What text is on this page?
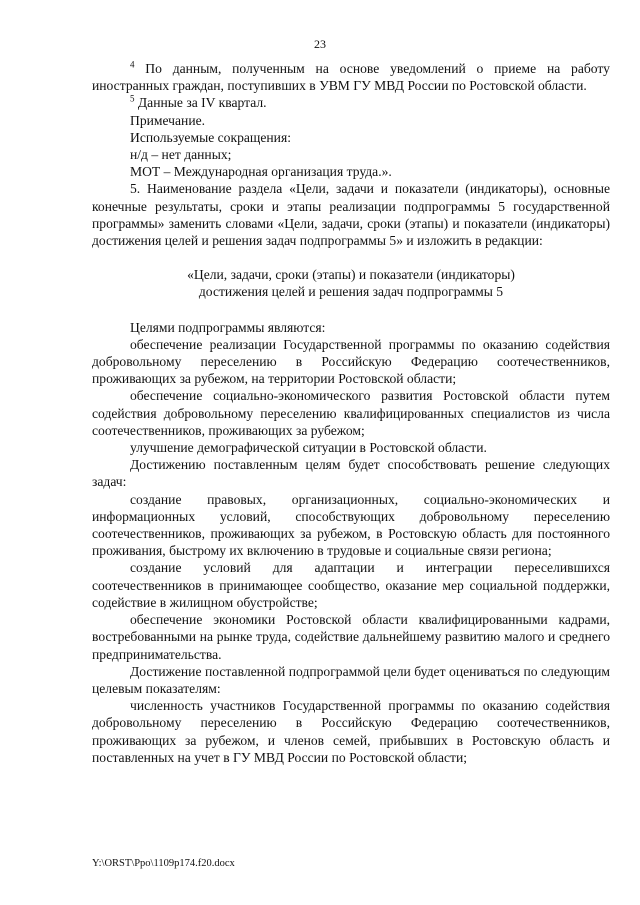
23

$^4$ По данным, полученным на основе уведомлений о приеме на работу иностранных граждан, поступивших в УВМ ГУ МВД России по Ростовской области.

$^5$ Данные за IV квартал.

Примечание.

Используемые сокращения:

н/д – нет данных;

МОТ – Международная организация труда.».

5. Наименование раздела «Цели, задачи и показатели (индикаторы), основные конечные результаты, сроки и этапы реализации подпрограммы 5 государственной программы» заменить словами «Цели, задачи, сроки (этапы) и показатели (индикаторы) достижения целей и решения задач подпрограммы 5» и изложить в редакции:

«Цели, задачи, сроки (этапы) и показатели (индикаторы)
достижения целей и решения задач подпрограммы 5

Целями подпрограммы являются:

обеспечение реализации Государственной программы по оказанию содействия добровольному переселению в Российскую Федерацию соотечественников, проживающих за рубежом, на территории Ростовской области;

обеспечение социально-экономического развития Ростовской области путем содействия добровольному переселению квалифицированных специалистов из числа соотечественников, проживающих за рубежом;

улучшение демографической ситуации в Ростовской области.

Достижению поставленным целям будет способствовать решение следующих задач:

создание правовых, организационных, социально-экономических и информационных условий, способствующих добровольному переселению соотечественников, проживающих за рубежом, в Ростовскую область для постоянного проживания, быстрому их включению в трудовые и социальные связи региона;

создание условий для адаптации и интеграции переселившихся соотечественников в принимающее сообщество, оказание мер социальной поддержки, содействие в жилищном обустройстве;

обеспечение экономики Ростовской области квалифицированными кадрами, востребованными на рынке труда, содействие дальнейшему развитию малого и среднего предпринимательства.

Достижение поставленной подпрограммой цели будет оцениваться по следующим целевым показателям:

численность участников Государственной программы по оказанию содействия добровольному переселению в Российскую Федерацию соотечественников, проживающих за рубежом, и членов семей, прибывших в Ростовскую область и поставленных на учет в ГУ МВД России по Ростовской области;

Y:\ORST\Ppo\1109p174.f20.docx
